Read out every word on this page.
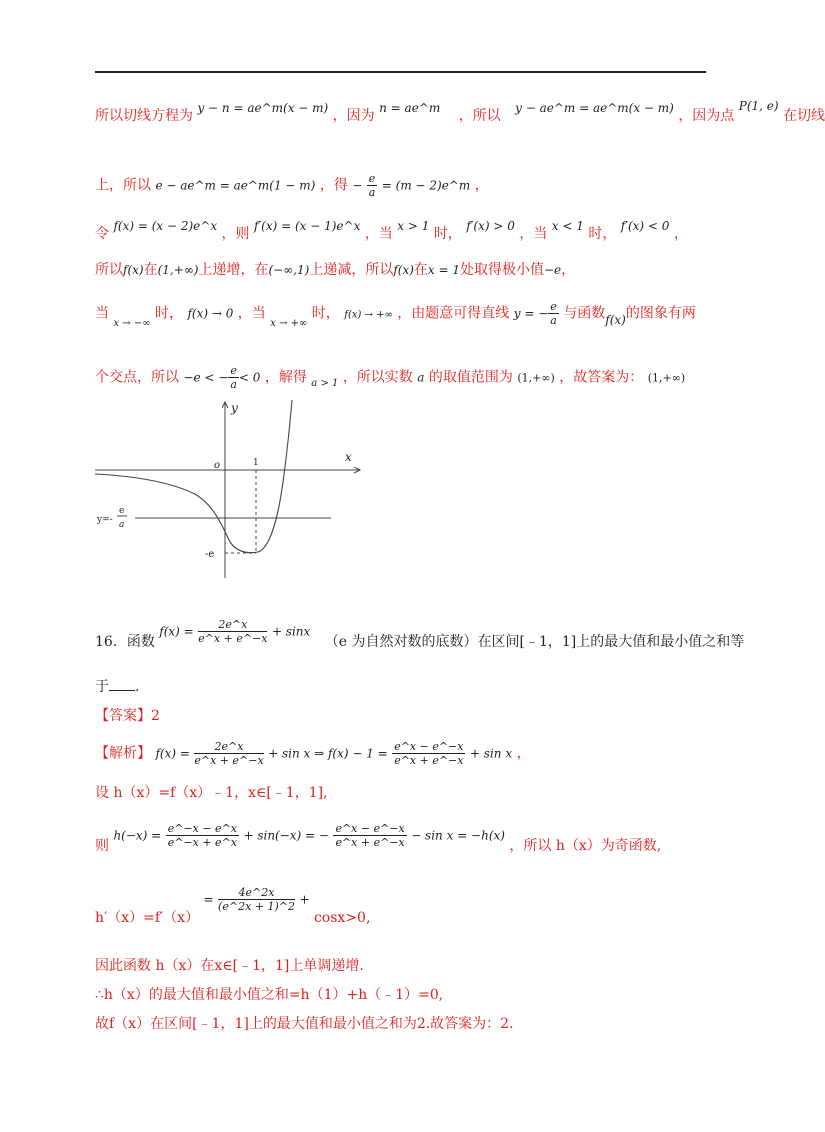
所以切线方程为 y − n = ae^m(x − m) ，因为 n = ae^m ，所以 y − ae^m = ae^m(x − m) ，因为点 P(1, e) 在切线
上，所以 e − ae^m = ae^m(1 − m) ，得 − $\frac{e}{a} = (m$ − 2)e^m ，
令 f(x) = (x − 2)e^x ，则 f′(x) = (x − 1)e^x ，当 x > 1 时， f′(x) > 0 ，当 x < 1 时， f′(x) < 0 ，
所以f(x)在(1,+∞)上递增，在(−∞,1)上递减，所以f(x)在x = 1处取得极小值−e，
当 $_{x \to -\infty}$ 时， f(x) → 0 ，当 $_{x \to +\infty}$ 时， f(x) → +∞ ，由题意可得直线 y = − $\frac{e}{a}$ 与函数f(x)的图象有两
个交点，所以 −e < − $\frac{e}{a} < 0$ ，解得 $_{a > 1}$ ，所以实数 a 的取值范围为 (1,+∞) ，故答案为： (1,+∞)
y
x
o	1
y=-
e
a
-e
16．函数 $f(x) = \frac{2e\^{}x}{e\^{}x + e\^{}-x} + \sin x$ （e 为自然对数的底数）在区间[﹣1，1]上的最大值和最小值之和等
于 .
【答案】2
【解析】 $f(x) = \frac{2e\^{}x}{e\^{}x + e\^{}-x} + \sin x$ ⇒ $f(x) - 1 = \frac{e\^{}x - e\^{}-x}{e\^{}x + e\^{}-x} + \sin x$ ，
设 h（x）=f（x）﹣1，x∈[﹣1，1],
则 $h(-x) = \frac{e\^{}-x - e\^{}x}{e\^{}-x + e\^{}x} + \sin(-x)$ = − $\frac{e\^{}x - e\^{}-x}{e\^{}x + e\^{}-x} - \sin x = -h(x)$ ，所以 h（x）为奇函数,
$h'(x)=f'(x) = \frac{4e\^{}2x}{(e\^{}2x + 1)\^{}2} + \cos x>0$,
因此函数 h（x）在x∈[﹣1，1]上单调递增.
∴h（x）的最大值和最小值之和=h（1）+h（﹣1）=0,
故f（x）在区间[﹣1，1]上的最大值和最小值之和为2.故答案为：2.
